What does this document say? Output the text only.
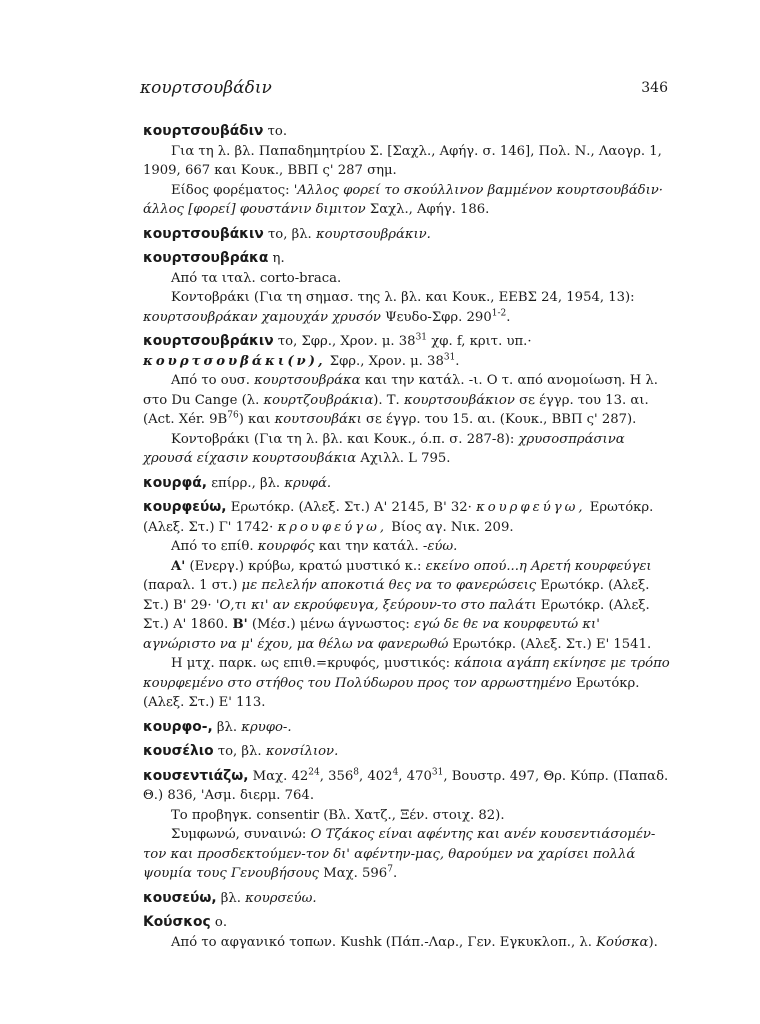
κουρτσουβάδιν	346

κουρτσουβάδιν το.

Για τη λ. βλ. Παπαδημητρίου Σ. [Σαχλ., Αφήγ. σ. 146], Πολ. Ν., Λαογρ. 1, 1909, 667 και Κουκ., ΒΒΠ ς' 287 σημ.

Είδος φορέματος: 'Αλλος φορεί το σκούλλινον βαμμένον κουρτσουβάδιν· άλλος [φορεί] φουστάνιν διμιτον Σαχλ., Αφήγ. 186.

κουρτσουβάκιν το, βλ. κουρτσουβράκιν.

κουρτσουβράκα η.

Από τα ιταλ. corto-braca.

Κοντοβράκι (Για τη σημασ. της λ. βλ. και Κουκ., ΕΕΒΣ 24, 1954, 13): κουρτσουβράκαν χαμουχάν χρυσόν Ψευδο-Σφρ. 290$^{1-2}$.

κουρτσουβράκιν το, Σφρ., Χρον. μ. $38^{31}$ χφ. f, κριτ. υπ.· κουρτσουβάκι(ν), Σφρ., Χρον. μ. $38^{31}$.

Από το ουσ. κουρτσουβράκα και την κατάλ. -ι. Ο τ. από ανομοίωση. Η λ. στο Du Cange (λ. κουρτζουβράκια). Τ. κουρτσουβάκιον σε έγγρ. του 13. αι. (Act. Xér. $9B^{76}$) και κουτσουβάκι σε έγγρ. του 15. αι. (Κουκ., ΒΒΠ ς' 287).

Κοντοβράκι (Για τη λ. βλ. και Κουκ., ό.π. σ. 287-8): χρυσοσπράσινα χρουσά είχασιν κουρτσουβάκια Αχιλλ. L 795.

κουρφά, επίρρ., βλ. κρυφά.

κουρφεύω, Ερωτόκρ. (Αλεξ. Στ.) Α' 2145, Β' 32· κουρφεύγω, Ερωτόκρ. (Αλεξ. Στ.) Γ' 1742· κρουφεύγω, Βίος αγ. Νικ. 209.

Από το επίθ. κουρφός και την κατάλ. -εύω.

Α' (Ενεργ.) κρύβω, κρατώ μυστικό κ.: εκείνο οπού...η Αρετή κουρφεύγει (παραλ. 1 στ.) με πελελήν αποκοτιά θες να το φανερώσεις Ερωτόκρ. (Αλεξ. Στ.) Β' 29· 'Ο,τι κι' αν εκρούφευγα, ξεύρουν-το στο παλάτι Ερωτόκρ. (Αλεξ. Στ.) Α' 1860. Β' (Μέσ.) μένω άγνωστος: εγώ δε θε να κουρφευτώ κι' αγνώριστο να μ' έχου, μα θέλω να φανερωθώ Ερωτόκρ. (Αλεξ. Στ.) Ε' 1541.

Η μτχ. παρκ. ως επιθ.=κρυφός, μυστικός: κάποια αγάπη εκίνησε με τρόπο κουρφεμένο στο στήθος του Πολύδωρου προς τον αρρωστημένο Ερωτόκρ. (Αλεξ. Στ.) Ε' 113.

κουρφο-, βλ. κρυφο-.

κουσέλιο το, βλ. κονσίλιον.

κουσεντιάζω, Μαχ. $42^{24}$, $356^8$, $402^4$, $470^{31}$, Βουστρ. 497, Θρ. Κύπρ. (Παπαδ. Θ.) 836, 'Ασμ. διερμ. 764.

Το προβηγκ. consentir (Βλ. Χατζ., Ξέν. στοιχ. 82).

Συμφωνώ, συναινώ: Ο Τζάκος είναι αφέντης και ανέν κουσεντιάσομέν-τον και προσδεκτούμεν-τον δι' αφέντην-μας, θαρούμεν να χαρίσει πολλά ψουμία τους Γενουβήσους Μαχ. $596^7$.

κουσεύω, βλ. κουρσεύω.

Κούσκος ο.

Από το αφγανικό τοπων. Kushk (Πάπ.-Λαρ., Γεν. Εγκυκλοπ., λ. Κούσκα).
